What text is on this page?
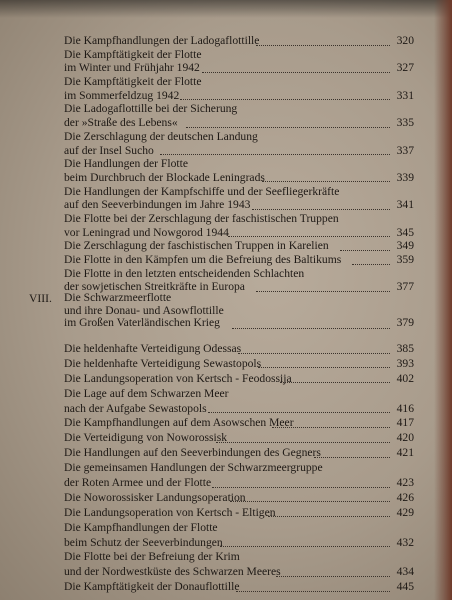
Die Kampfhandlungen der Ladogaflottille	320
Die Kampftätigkeit der Flotte
im Winter und Frühjahr 1942	327
Die Kampftätigkeit der Flotte
im Sommerfeldzug 1942	331
Die Ladogaflottille bei der Sicherung
der »Straße des Lebens«	335
Die Zerschlagung der deutschen Landung
auf der Insel Sucho	337
Die Handlungen der Flotte
beim Durchbruch der Blockade Leningrads	339
Die Handlungen der Kampfschiffe und der Seefliegerkräfte
auf den Seeverbindungen im Jahre 1943	341
Die Flotte bei der Zerschlagung der faschistischen Truppen
vor Leningrad und Nowgorod 1944	345
Die Zerschlagung der faschistischen Truppen in Karelien	349
Die Flotte in den Kämpfen um die Befreiung des Baltikums	359
Die Flotte in den letzten entscheidenden Schlachten
der sowjetischen Streitkräfte in Europa	377
VIII. Die Schwarzmeerflotte
und ihre Donau- und Asowflottille
im Großen Vaterländischen Krieg	379
Die heldenhafte Verteidigung Odessas	385
Die heldenhafte Verteidigung Sewastopols	393
Die Landungsoperation von Kertsch - Feodossija	402
Die Lage auf dem Schwarzen Meer
nach der Aufgabe Sewastopols	416
Die Kampfhandlungen auf dem Asowschen Meer	417
Die Verteidigung von Noworossisk	420
Die Handlungen auf den Seeverbindungen des Gegners	421
Die gemeinsamen Handlungen der Schwarzmeergruppe
der Roten Armee und der Flotte	423
Die Noworossisker Landungsoperation	426
Die Landungsoperation von Kertsch - Eltigen	429
Die Kampfhandlungen der Flotte
beim Schutz der Seeverbindungen	432
Die Flotte bei der Befreiung der Krim
und der Nordwestküste des Schwarzen Meeres	434
Die Kampftätigkeit der Donauflottille	445
